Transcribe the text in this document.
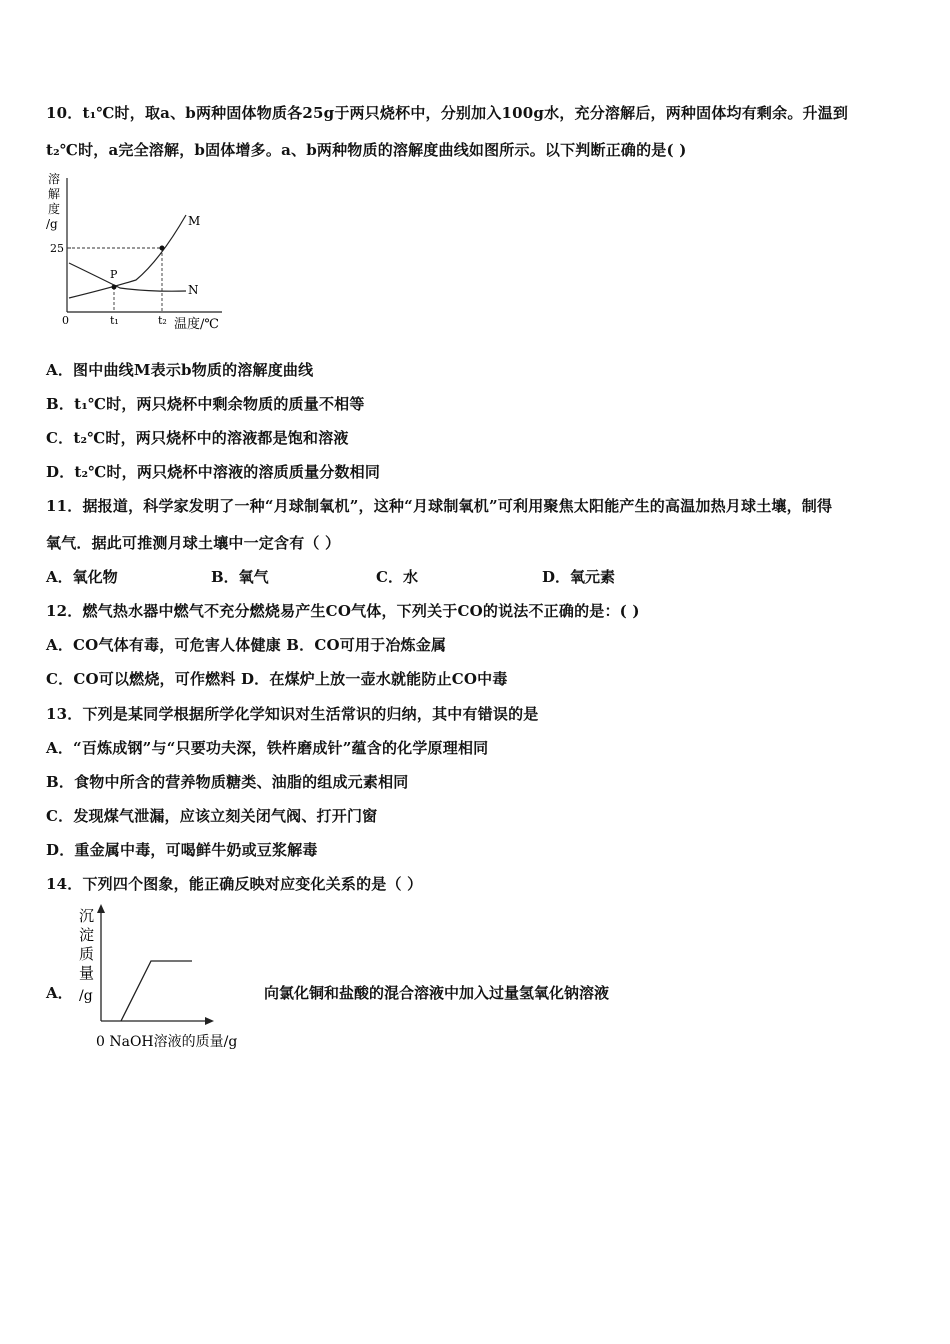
10．t₁℃时，取a、b两种固体物质各25g于两只烧杯中，分别加入100g水，充分溶解后，两种固体均有剩余。升温到
t₂℃时，a完全溶解，b固体增多。a、b两种物质的溶解度曲线如图所示。以下判断正确的是( )
溶
解
度
/g
25
P
M
N
0	t₁	t₂ 温度/℃
A．图中曲线M表示b物质的溶解度曲线
B．t₁℃时，两只烧杯中剩余物质的质量不相等
C．t₂℃时，两只烧杯中的溶液都是饱和溶液
D．t₂℃时，两只烧杯中溶液的溶质质量分数相同
11．据报道，科学家发明了一种“月球制氧机”，这种“月球制氧机”可利用聚焦太阳能产生的高温加热月球土壤，制得
氧气．据此可推测月球土壤中一定含有（ ）
A．氧化物	B．氧气	C．水	D．氧元素
12．燃气热水器中燃气不充分燃烧易产生CO气体，下列关于CO的说法不正确的是：( )
A．CO气体有毒，可危害人体健康 B．CO可用于冶炼金属
C．CO可以燃烧，可作燃料 D．在煤炉上放一壶水就能防止CO中毒
13．下列是某同学根据所学化学知识对生活常识的归纳，其中有错误的是
A．“百炼成钢”与“只要功夫深，铁杵磨成针”蕴含的化学原理相同
B．食物中所含的营养物质糖类、油脂的组成元素相同
C．发现煤气泄漏，应该立刻关闭气阀、打开门窗
D．重金属中毒，可喝鲜牛奶或豆浆解毒
14．下列四个图象，能正确反映对应变化关系的是（ ）
A．
沉
淀
质
量
/g
0 NaOH溶液的质量/g
向氯化铜和盐酸的混合溶液中加入过量氢氧化钠溶液
